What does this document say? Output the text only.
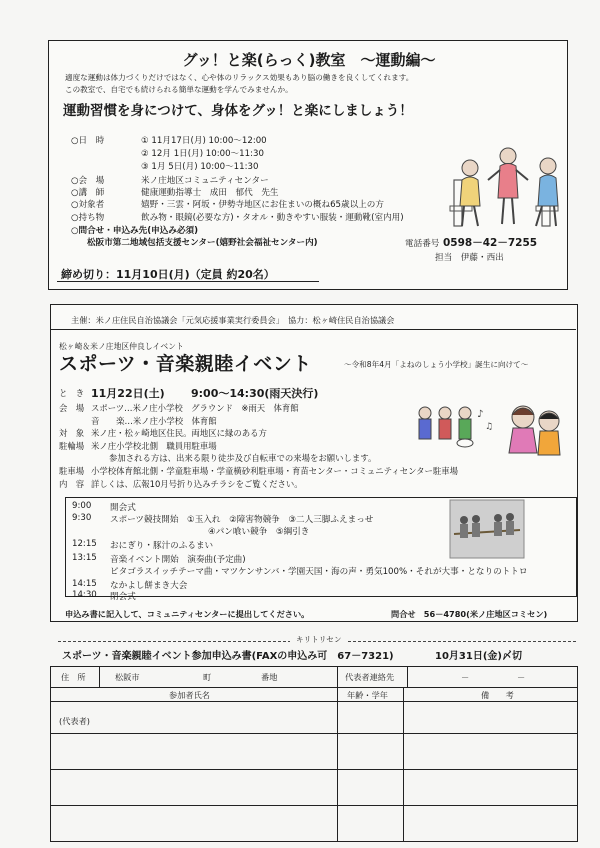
グッ！と楽(らっく)教室　～運動編～
適度な運動は体力づくりだけではなく、心や体のリラックス効果もあり脳の働きを良くしてくれます。
この教室で、自宅でも続けられる簡単な運動を学んでみませんか。
運動習慣を身につけて、身体をグッ！と楽にしましょう！
○日　時	① 11月17日(月) 10:00～12:00
② 12月 1日(月) 10:00～11:30
③ 1月 5日(月) 10:00～11:30
○会　場	米ノ庄地区コミュニティセンター
○講　師	健康運動指導士　成田　郁代　先生
○対象者	嬉野・三雲・阿坂・伊勢寺地区にお住まいの概ね65歳以上の方
○持ち物	飲み物・眼鏡(必要な方)・タオル・動きやすい服装・運動靴(室内用)
○問合せ・申込み先(申込み必須)
松阪市第二地域包括支援センター(嬉野社会福祉センター内)	電話番号 0598－42－7255
担当　伊藤・西出
締め切り：11月10日(月)（定員 約20名）
主催：米ノ庄住民自治協議会「元気応援事業実行委員会」　協力：松ヶ崎住民自治協議会
松ヶ崎＆米ノ庄地区仲良しイベント
スポーツ・音楽親睦イベント	～令和8年4月「よねのしょう小学校」誕生に向けて～
と　き 11月22日(土) 9:00～14:30(雨天決行)
会　場 スポーツ…米ノ庄小学校　グラウンド　※雨天　体育館
音　　楽…米ノ庄小学校　体育館
対　象 米ノ庄・松ヶ崎地区住民。両地区に縁のある方
駐輪場 米ノ庄小学校北側　職員用駐車場
参加される方は、出来る限り徒歩及び自転車での来場をお願いします。
駐車場 小学校体育館北側・学童駐車場・学童横砂利駐車場・育苗センター・コミュニティセンター駐車場
内　容 詳しくは、広報10月号折り込みチラシをご覧ください。
♪
♫
9:00 開会式
9:30 スポーツ競技開始　①玉入れ　②障害物競争　③二人三脚ふえまっせ
④パン喰い競争　⑤綱引き
12:15 おにぎり・豚汁のふるまい
13:15 音楽イベント開始　演奏曲(予定曲)
ピタゴラスイッチテーマ曲・マツケンサンバ・学園天国・海の声・勇気100%・それが大事・となりのトトロ
14:15 なかよし餅まき大会
14:30 閉会式
申込み書に記入して、コミュニティセンターに提出してください。	問合せ　56－4780(米ノ庄地区コミセン)
キリトリセン
スポーツ・音楽親睦イベント参加申込み書(FAXの申込み可　67－7321)	10月31日(金)〆切
住　所	松阪市	町	番地	代表者連絡先	－	－
参加者氏名	年齢・学年	備　　考
(代表者)
